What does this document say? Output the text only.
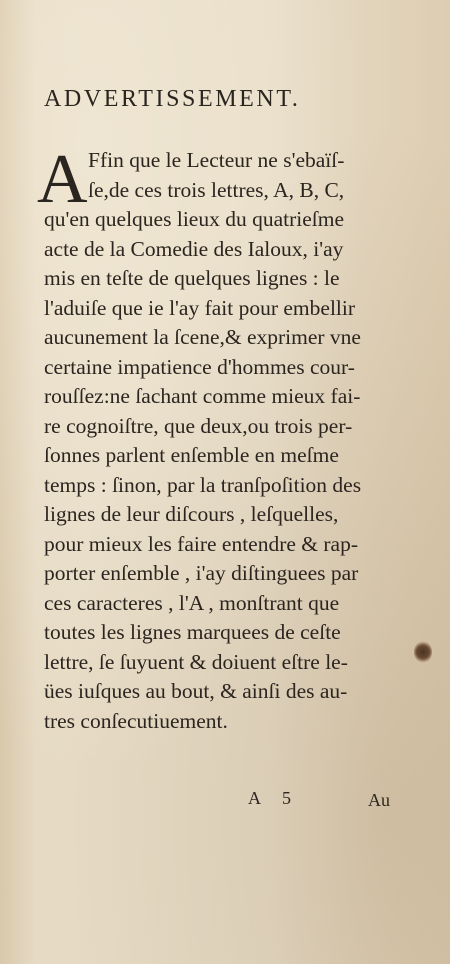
ADVERTISSEMENT.
A Ffin que le Lecteur ne s'ebaïſ-
ſe,de ces trois lettres, A, B, C,
qu'en quelques lieux du quatrieſme
acte de la Comedie des Ialoux, i'ay
mis en teſte de quelques lignes : le
l'aduiſe que ie l'ay fait pour embellir
aucunement la ſcene,& exprimer vne
certaine impatience d'hommes cour-
rouſſez:ne ſachant comme mieux fai-
re cognoiſtre, que deux,ou trois per-
ſonnes parlent enſemble en meſme
temps : ſinon, par la tranſpoſition des
lignes de leur diſcours , leſquelles,
pour mieux les faire entendre & rap-
porter enſemble , i'ay diſtinguees par
ces caracteres , l'A , monſtrant que
toutes les lignes marquees de ceſte
lettre, ſe ſuyuent & doiuent eſtre le-
ües iuſques au bout, & ainſi des au-
tres conſecutiuement.
A 5	Au
